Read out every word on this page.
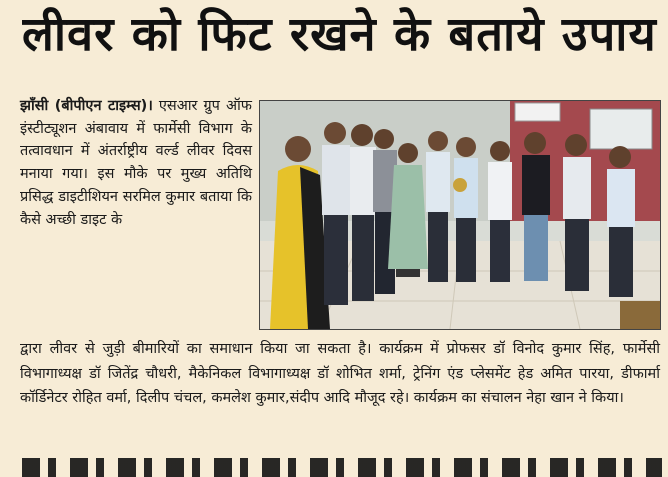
लीवर को फिट रखने के बताये उपाय
झाँसी (बीपीएन टाइम्स)। एसआर ग्रुप ऑफ इंस्टीट्यूशन अंबावाय में फार्मेसी विभाग के तत्वावधान में अंतर्राष्ट्रीय वर्ल्ड लीवर दिवस मनाया गया। इस मौके पर मुख्य अतिथि प्रसिद्ध डाइटीशियन सरमिल कुमार बताया कि कैसे अच्छी डाइट के
द्वारा लीवर से जुड़ी बीमारियों का समाधान किया जा सकता है। कार्यक्रम में प्रोफसर डॉ विनोद कुमार सिंह, फार्मेसी विभागाध्यक्ष डॉ जितेंद्र चौधरी, मैकेनिकल विभागाध्यक्ष डॉ शोभित शर्मा, ट्रेनिंग एंड प्लेसमेंट हेड अमित पारया, डीफार्मा कॉर्डिनेटर रोहित वर्मा, दिलीप चंचल, कमलेश कुमार,संदीप आदि मौजूद रहे। कार्यक्रम का संचालन नेहा खान ने किया।
